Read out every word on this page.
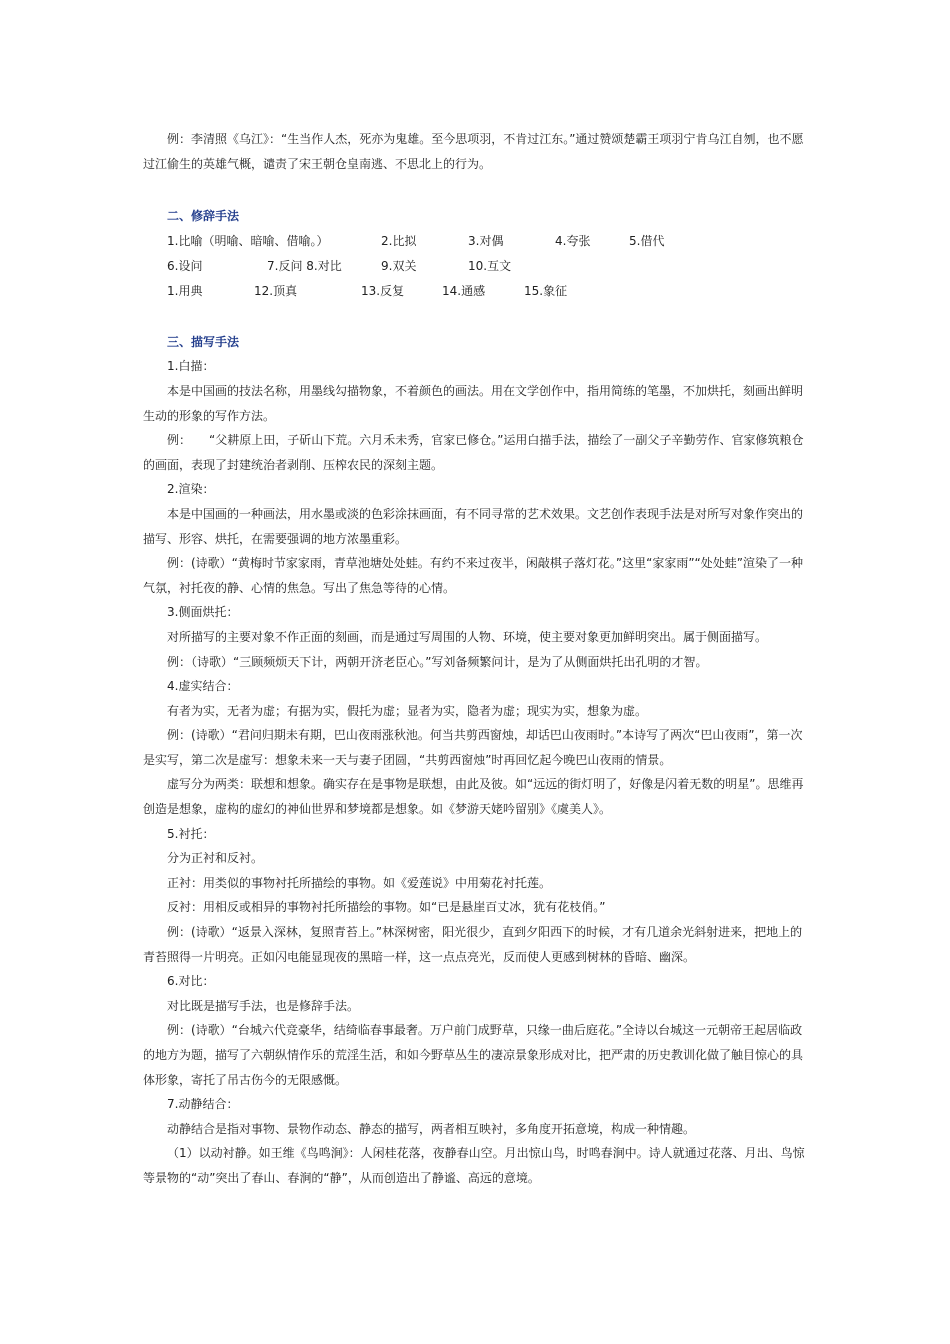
例：李清照《乌江》：“生当作人杰，死亦为鬼雄。至今思项羽，不肯过江东。”通过赞颂楚霸王项羽宁肯乌江自刎，也不愿过江偷生的英雄气概，谴责了宋王朝仓皇南逃、不思北上的行为。

二、修辞手法

1.比喻（明喻、暗喻、借喻。）	2.比拟	3.对偶	4.夸张	5.借代
6.设问	7.反问 8.对比	9.双关	10.互文
1.用典	12.顶真	13.反复	14.通感	15.象征

三、描写手法

1.白描：

本是中国画的技法名称，用墨线勾描物象，不着颜色的画法。用在文学创作中，指用简练的笔墨，不加烘托，刻画出鲜明生动的形象的写作方法。

例：　　“父耕原上田，子斫山下荒。六月禾未秀，官家已修仓。”运用白描手法，描绘了一副父子辛勤劳作、官家修筑粮仓的画面，表现了封建统治者剥削、压榨农民的深刻主题。

2.渲染：

本是中国画的一种画法，用水墨或淡的色彩涂抹画面，有不同寻常的艺术效果。文艺创作表现手法是对所写对象作突出的描写、形容、烘托，在需要强调的地方浓墨重彩。

例：(诗歌）“黄梅时节家家雨，青草池塘处处蛙。有约不来过夜半，闲敲棋子落灯花。”这里“家家雨”“处处蛙”渲染了一种气氛，衬托夜的静、心情的焦急。写出了焦急等待的心情。

3.侧面烘托：

对所描写的主要对象不作正面的刻画，而是通过写周围的人物、环境，使主要对象更加鲜明突出。属于侧面描写。

例：（诗歌）“三顾频烦天下计，两朝开济老臣心。”写刘备频繁问计，是为了从侧面烘托出孔明的才智。

4.虚实结合：

有者为实，无者为虚；有据为实，假托为虚；显者为实，隐者为虚；现实为实，想象为虚。

例：(诗歌）“君问归期未有期，巴山夜雨涨秋池。何当共剪西窗烛，却话巴山夜雨时。”本诗写了两次“巴山夜雨”，第一次是实写，第二次是虚写：想象未来一天与妻子团圆，“共剪西窗烛”时再回忆起今晚巴山夜雨的情景。

虚写分为两类：联想和想象。确实存在是事物是联想，由此及彼。如“远远的街灯明了，好像是闪着无数的明星”。思维再创造是想象，虚构的虚幻的神仙世界和梦境都是想象。如《梦游天姥吟留别》《虞美人》。

5.衬托：

分为正衬和反衬。

正衬：用类似的事物衬托所描绘的事物。如《爱莲说》中用菊花衬托莲。

反衬：用相反或相异的事物衬托所描绘的事物。如“已是悬崖百丈冰，犹有花枝俏。”

例：(诗歌）“返景入深林，复照青苔上。”林深树密，阳光很少，直到夕阳西下的时候，才有几道余光斜射进来，把地上的青苔照得一片明亮。正如闪电能显现夜的黑暗一样，这一点点亮光，反而使人更感到树林的昏暗、幽深。

6.对比：

对比既是描写手法，也是修辞手法。

例：(诗歌）“台城六代竞豪华，结绮临春事最奢。万户前门成野草，只缘一曲后庭花。”全诗以台城这一元朝帝王起居临政的地方为题，描写了六朝纵情作乐的荒淫生活，和如今野草丛生的凄凉景象形成对比，把严肃的历史教训化做了触目惊心的具体形象，寄托了吊古伤今的无限感慨。

7.动静结合：

动静结合是指对事物、景物作动态、静态的描写，两者相互映衬，多角度开拓意境，构成一种情趣。

（1）以动衬静。如王维《鸟鸣涧》：人闲桂花落，夜静春山空。月出惊山鸟，时鸣春涧中。诗人就通过花落、月出、鸟惊等景物的“动”突出了春山、春涧的“静”，从而创造出了静谧、高远的意境。
